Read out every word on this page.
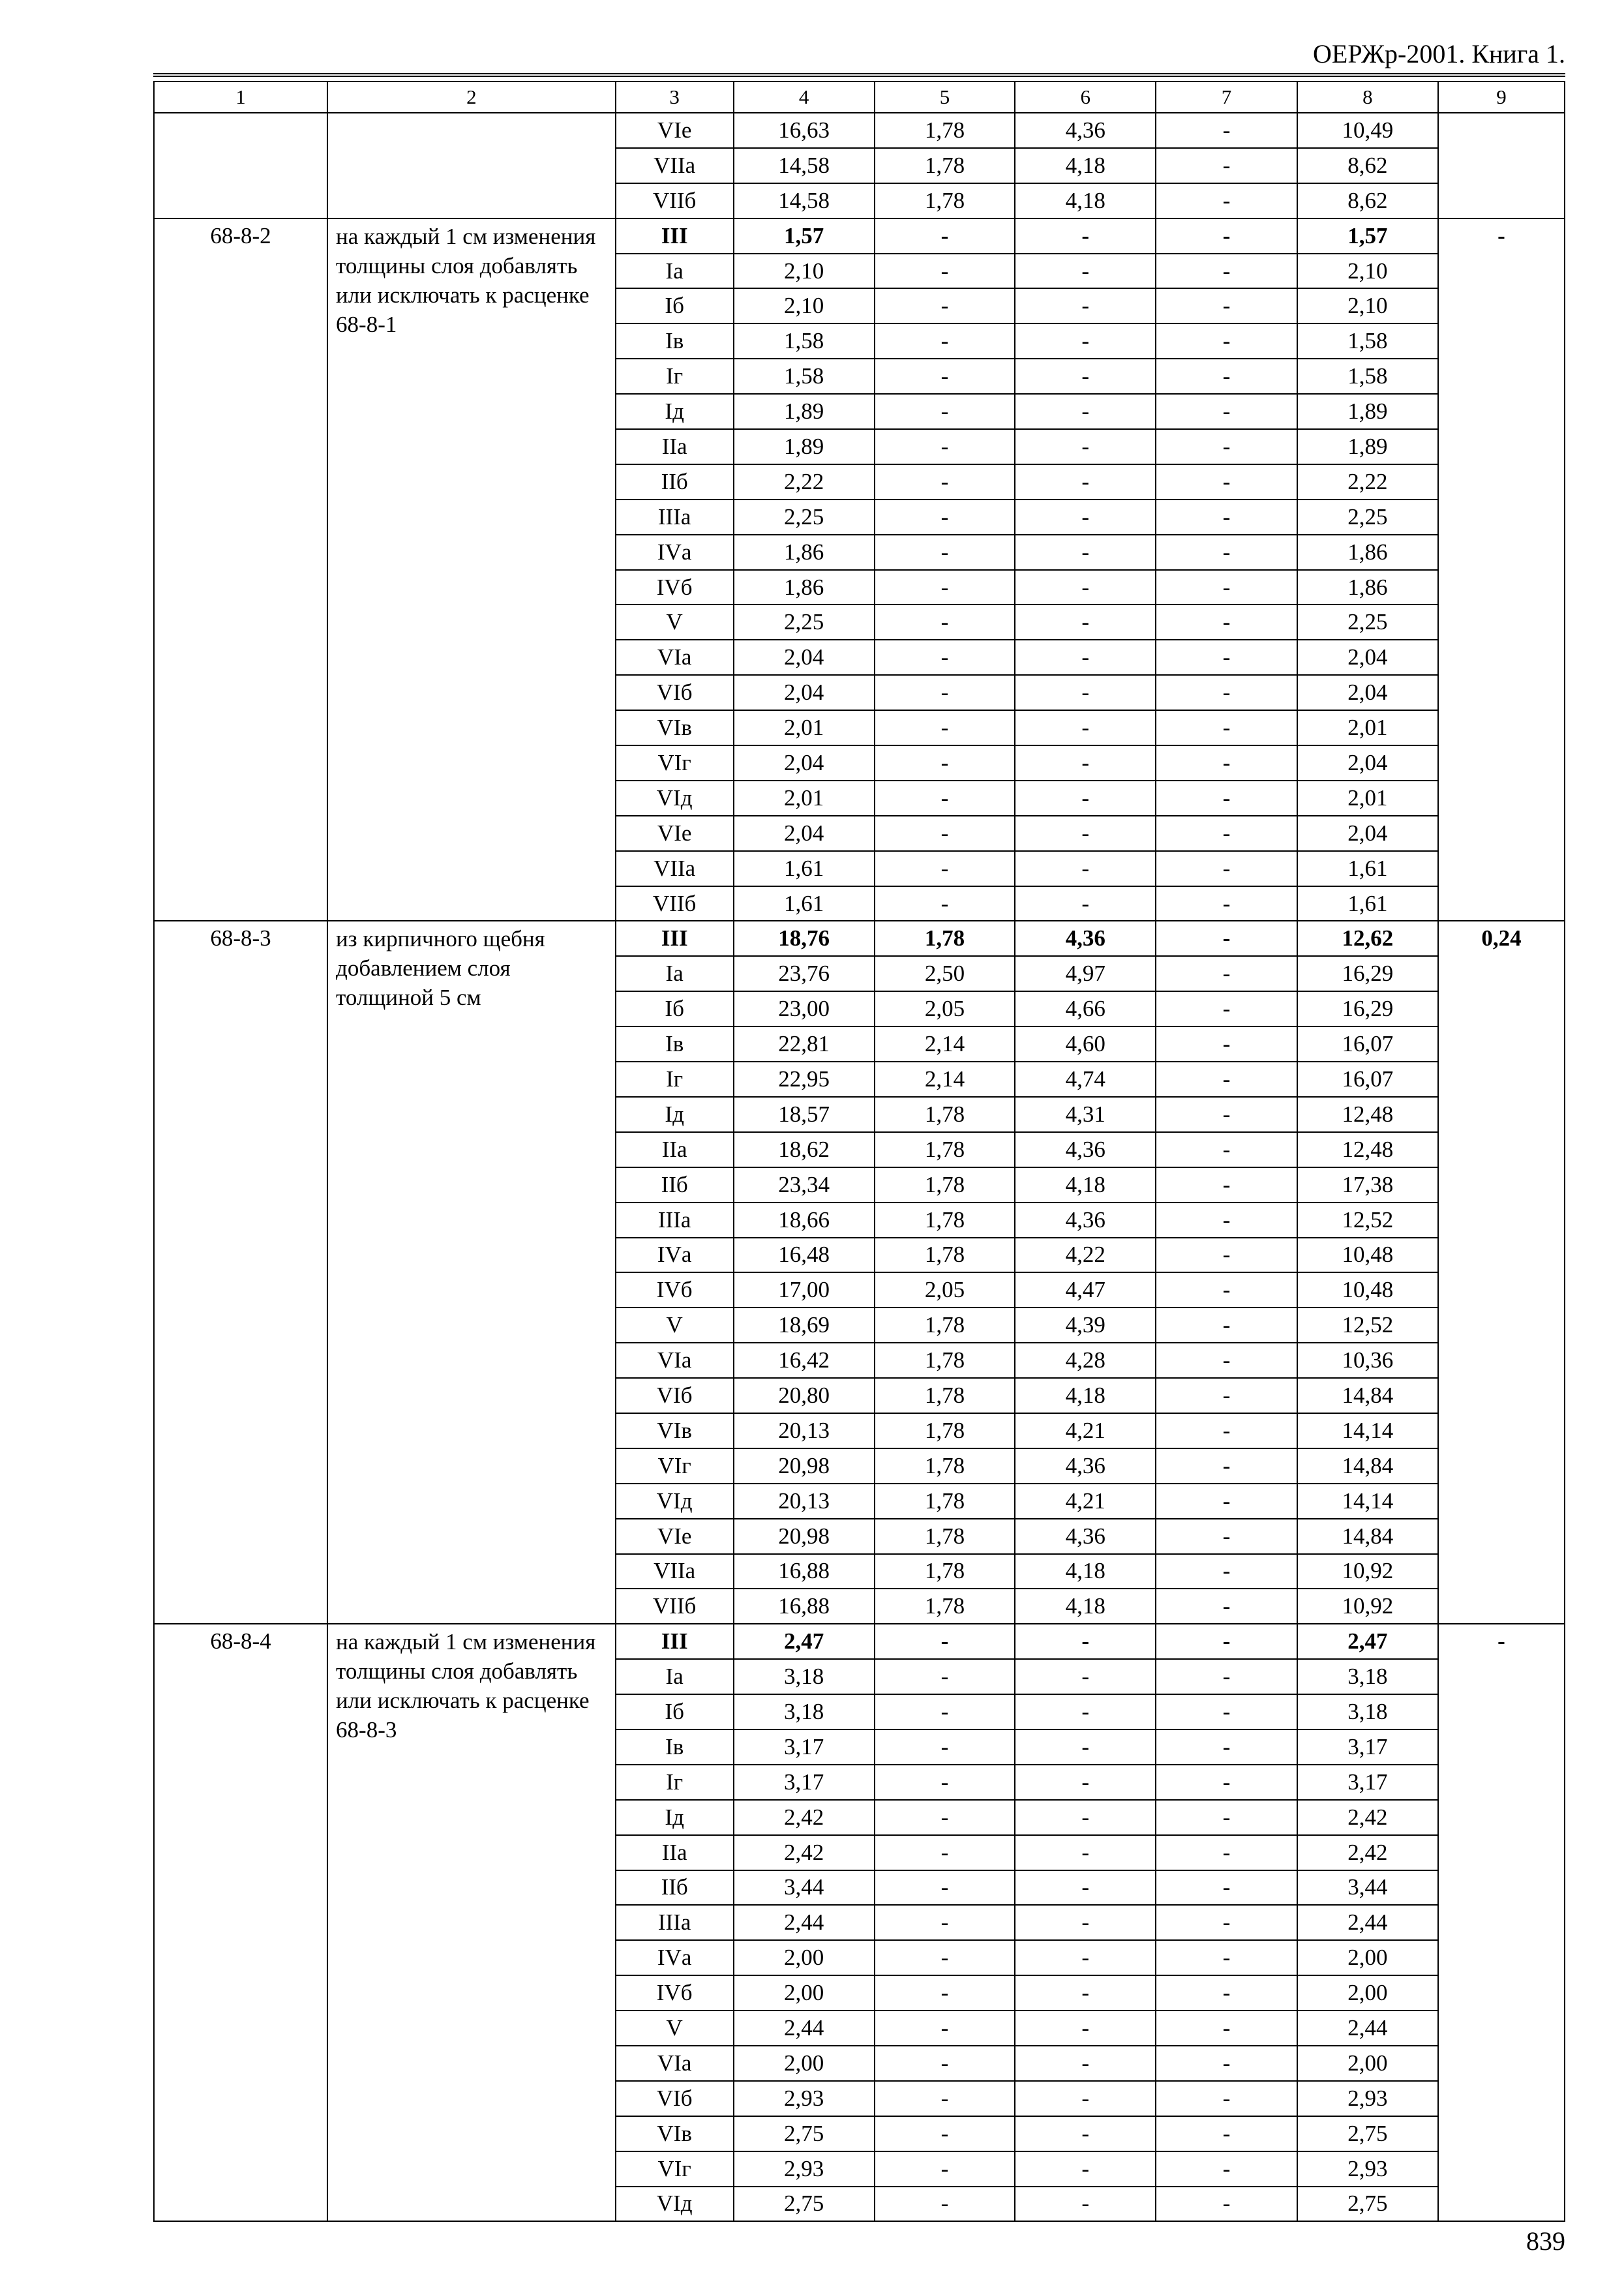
ОЕРЖр-2001. Книга 1.
1	2	3	4	5	6	7	8	9
		VIе	16,63	1,78	4,36	-	10,49	
		VIIа	14,58	1,78	4,18	-	8,62	
		VIIб	14,58	1,78	4,18	-	8,62	
68-8-2	на каждый 1 см изменения толщины слоя добавлять или исключать к расценке 68-8-1	III	1,57	-	-	-	1,57	-
		Iа	2,10	-	-	-	2,10	
		Iб	2,10	-	-	-	2,10	
		Iв	1,58	-	-	-	1,58	
		Iг	1,58	-	-	-	1,58	
		Iд	1,89	-	-	-	1,89	
		IIа	1,89	-	-	-	1,89	
		IIб	2,22	-	-	-	2,22	
		IIIа	2,25	-	-	-	2,25	
		IVа	1,86	-	-	-	1,86	
		IVб	1,86	-	-	-	1,86	
		V	2,25	-	-	-	2,25	
		VIа	2,04	-	-	-	2,04	
		VIб	2,04	-	-	-	2,04	
		VIв	2,01	-	-	-	2,01	
		VIг	2,04	-	-	-	2,04	
		VIд	2,01	-	-	-	2,01	
		VIе	2,04	-	-	-	2,04	
		VIIа	1,61	-	-	-	1,61	
		VIIб	1,61	-	-	-	1,61	
68-8-3	из кирпичного щебня добавлением слоя толщиной 5 см	III	18,76	1,78	4,36	-	12,62	0,24
		Iа	23,76	2,50	4,97	-	16,29	
		Iб	23,00	2,05	4,66	-	16,29	
		Iв	22,81	2,14	4,60	-	16,07	
		Iг	22,95	2,14	4,74	-	16,07	
		Iд	18,57	1,78	4,31	-	12,48	
		IIа	18,62	1,78	4,36	-	12,48	
		IIб	23,34	1,78	4,18	-	17,38	
		IIIа	18,66	1,78	4,36	-	12,52	
		IVа	16,48	1,78	4,22	-	10,48	
		IVб	17,00	2,05	4,47	-	10,48	
		V	18,69	1,78	4,39	-	12,52	
		VIа	16,42	1,78	4,28	-	10,36	
		VIб	20,80	1,78	4,18	-	14,84	
		VIв	20,13	1,78	4,21	-	14,14	
		VIг	20,98	1,78	4,36	-	14,84	
		VIд	20,13	1,78	4,21	-	14,14	
		VIе	20,98	1,78	4,36	-	14,84	
		VIIа	16,88	1,78	4,18	-	10,92	
		VIIб	16,88	1,78	4,18	-	10,92	
68-8-4	на каждый 1 см изменения толщины слоя добавлять или исключать к расценке 68-8-3	III	2,47	-	-	-	2,47	-
		Iа	3,18	-	-	-	3,18	
		Iб	3,18	-	-	-	3,18	
		Iв	3,17	-	-	-	3,17	
		Iг	3,17	-	-	-	3,17	
		Iд	2,42	-	-	-	2,42	
		IIа	2,42	-	-	-	2,42	
		IIб	3,44	-	-	-	3,44	
		IIIа	2,44	-	-	-	2,44	
		IVа	2,00	-	-	-	2,00	
		IVб	2,00	-	-	-	2,00	
		V	2,44	-	-	-	2,44	
		VIа	2,00	-	-	-	2,00	
		VIб	2,93	-	-	-	2,93	
		VIв	2,75	-	-	-	2,75	
		VIг	2,93	-	-	-	2,93	
		VIд	2,75	-	-	-	2,75	
839
